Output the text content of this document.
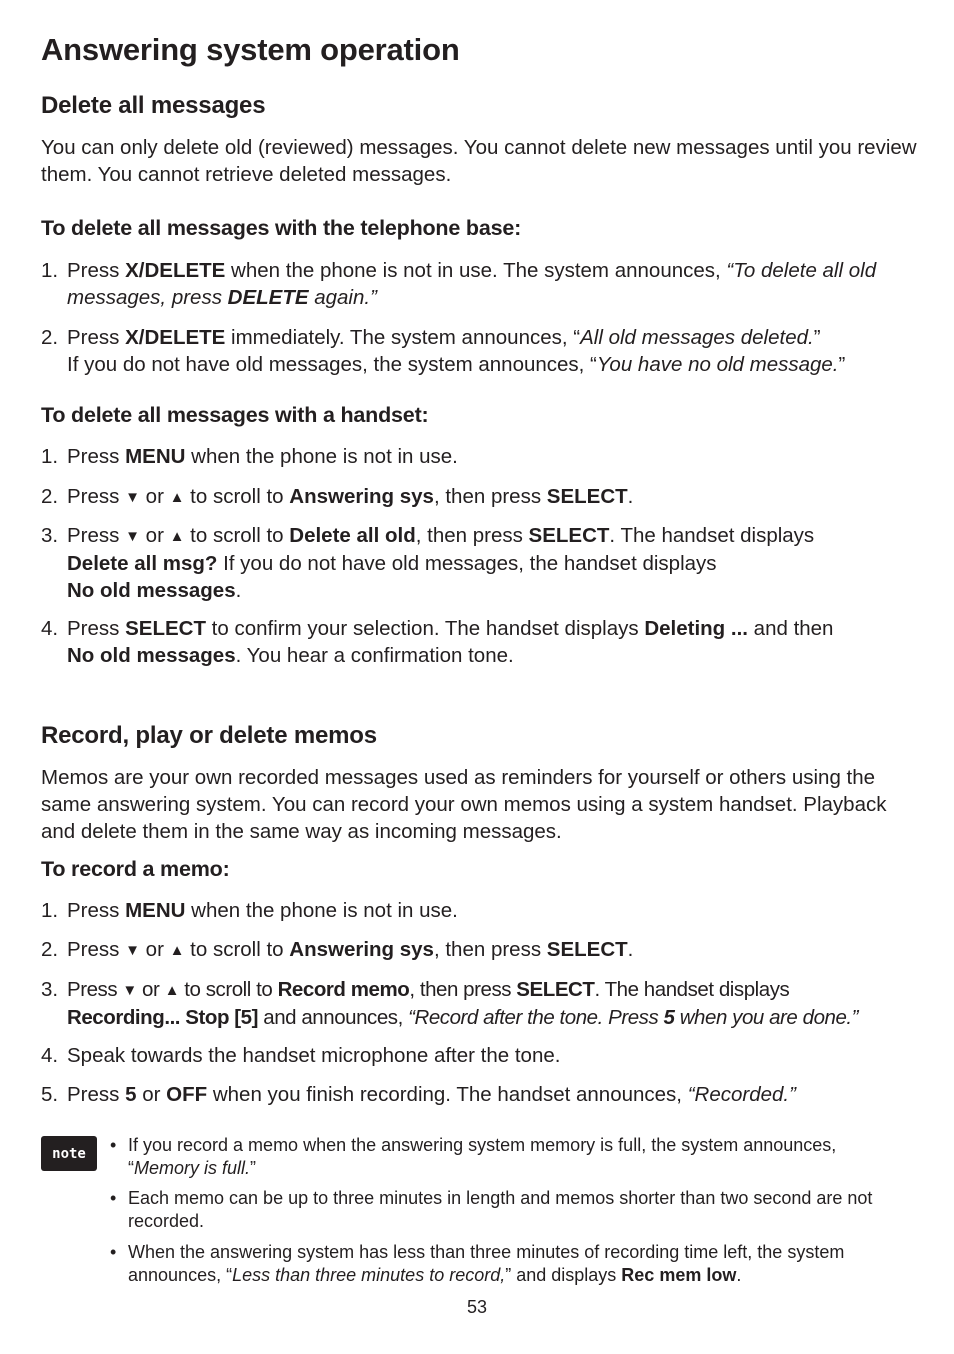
Answering system operation
Delete all messages

You can only delete old (reviewed) messages. You cannot delete new messages until you review them. You cannot retrieve deleted messages.

To delete all messages with the telephone base:
1. Press X/DELETE when the phone is not in use. The system announces, “To delete all old messages, press DELETE again.”
2. Press X/DELETE immediately. The system announces, “All old messages deleted.”
If you do not have old messages, the system announces, “You have no old message.”
To delete all messages with a handset:
1. Press MENU when the phone is not in use.
2. Press ▼ or ▲ to scroll to Answering sys, then press SELECT.
3. Press ▼ or ▲ to scroll to Delete all old, then press SELECT. The handset displays
Delete all msg? If you do not have old messages, the handset displays
No old messages.
4. Press SELECT to confirm your selection. The handset displays Deleting ... and then
No old messages. You hear a confirmation tone.
Record, play or delete memos

Memos are your own recorded messages used as reminders for yourself or others using the same answering system. You can record your own memos using a system handset. Playback and delete them in the same way as incoming messages.

To record a memo:
1. Press MENU when the phone is not in use.
2. Press ▼ or ▲ to scroll to Answering sys, then press SELECT.
3. Press ▼ or ▲ to scroll to Record memo, then press SELECT. The handset displays
Recording... Stop [5] and announces, “Record after the tone. Press 5 when you are done.”
4. Speak towards the handset microphone after the tone.
5. Press 5 or OFF when you finish recording. The handset announces, “Recorded.”
note	• If you record a memo when the answering system memory is full, the system announces, “Memory is full.”
• Each memo can be up to three minutes in length and memos shorter than two second are not recorded.
• When the answering system has less than three minutes of recording time left, the system announces, “Less than three minutes to record,” and displays Rec mem low.
53
